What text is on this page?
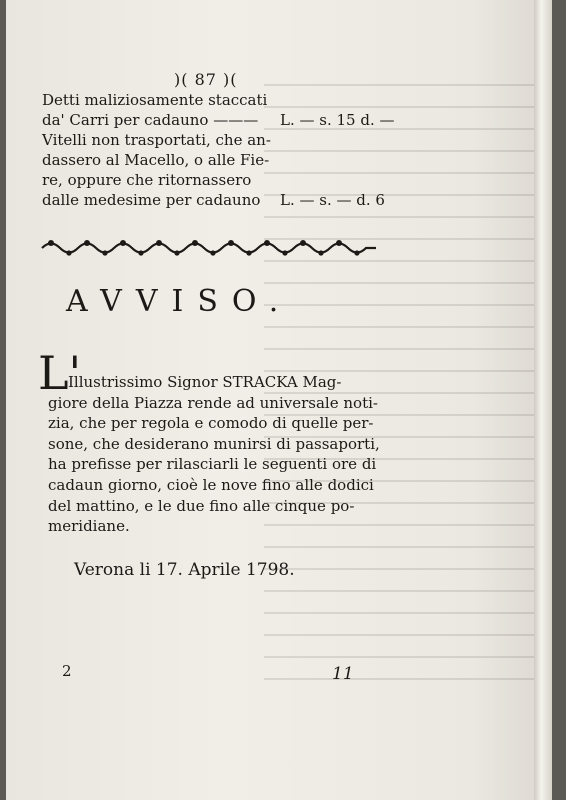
)( 87 )(
Detti maliziosamente staccati
da' Carri per cadauno ——— L. — s. 15 d. —
Vitelli non trasportati, che an-
dassero al Macello, o alle Fie-
re, oppure che ritornassero
dalle medesime per cadauno L. — s. — d. 6
AVVISO.
L'

Illustrissimo Signor STRACKA Mag-

giore della Piazza rende ad universale noti-

zia, che per regola e comodo di quelle per-

sone, che desiderano munirsi di passaporti,

ha prefisse per rilasciarli le seguenti ore di

cadaun giorno, cioè le nove fino alle dodici

del mattino, e le due fino alle cinque po-

meridiane.

Verona li 17. Aprile 1798.
2	11
